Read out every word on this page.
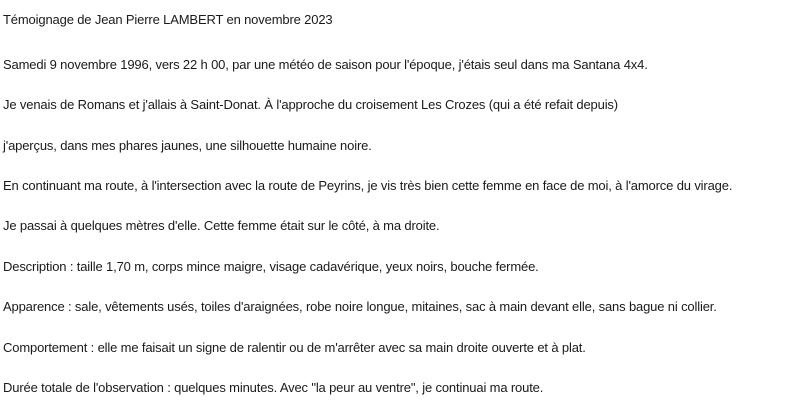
Témoignage de Jean Pierre LAMBERT en novembre 2023
Samedi 9 novembre 1996, vers 22 h 00, par une météo de saison pour l'époque, j'étais seul dans ma Santana 4x4.
Je venais de Romans et j'allais à Saint-Donat. À l'approche du croisement Les Crozes (qui a été refait depuis)
j'aperçus, dans mes phares jaunes, une silhouette humaine noire.
En continuant ma route, à l'intersection avec la route de Peyrins, je vis très bien cette femme en face de moi, à l'amorce du virage.
Je passai à quelques mètres d'elle. Cette femme était sur le côté, à ma droite.
Description : taille 1,70 m, corps mince maigre, visage cadavérique, yeux noirs, bouche fermée.
Apparence : sale, vêtements usés, toiles d'araignées, robe noire longue, mitaines, sac à main devant elle, sans bague ni collier.
Comportement : elle me faisait un signe de ralentir ou de m'arrêter avec sa main droite ouverte et à plat.
Durée totale de l'observation : quelques minutes. Avec "la peur au ventre", je continuai ma route.
